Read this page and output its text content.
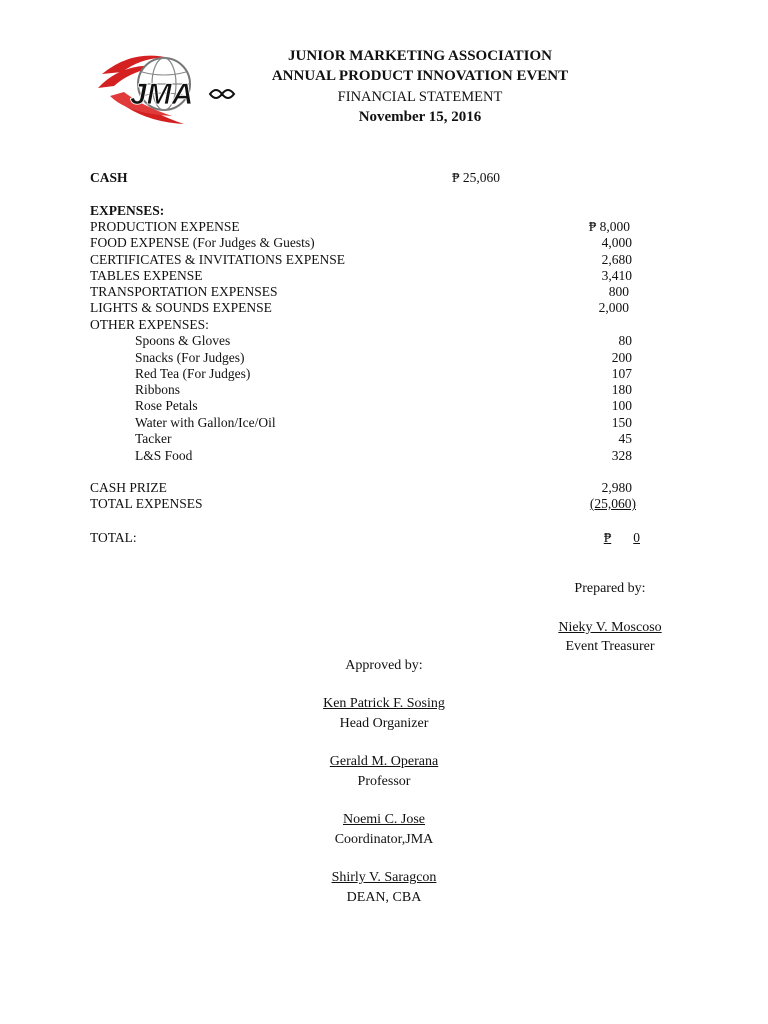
JMA
JUNIOR MARKETING ASSOCIATION
ANNUAL PRODUCT INNOVATION EVENT
FINANCIAL STATEMENT
November 15, 2016
CASH	₱ 25,060
EXPENSES:
PRODUCTION EXPENSE	₱ 8,000
FOOD EXPENSE (For Judges & Guests)	4,000
CERTIFICATES & INVITATIONS EXPENSE	2,680
TABLES EXPENSE	3,410
TRANSPORTATION EXPENSES	800
LIGHTS & SOUNDS EXPENSE	2,000
OTHER EXPENSES:
Spoons & Gloves	80
Snacks (For Judges)	200
Red Tea (For Judges)	107
Ribbons	180
Rose Petals	100
Water with Gallon/Ice/Oil	150
Tacker	45
L&S Food	328
CASH PRIZE	2,980
TOTAL EXPENSES	(25,060)
TOTAL:	₱ 0
Prepared by:
Nieky V. Moscoso
Event Treasurer
Approved by:
Ken Patrick F. Sosing
Head Organizer
Gerald M. Operana
Professor
Noemi C. Jose
Coordinator,JMA
Shirly V. Saragcon
DEAN, CBA
